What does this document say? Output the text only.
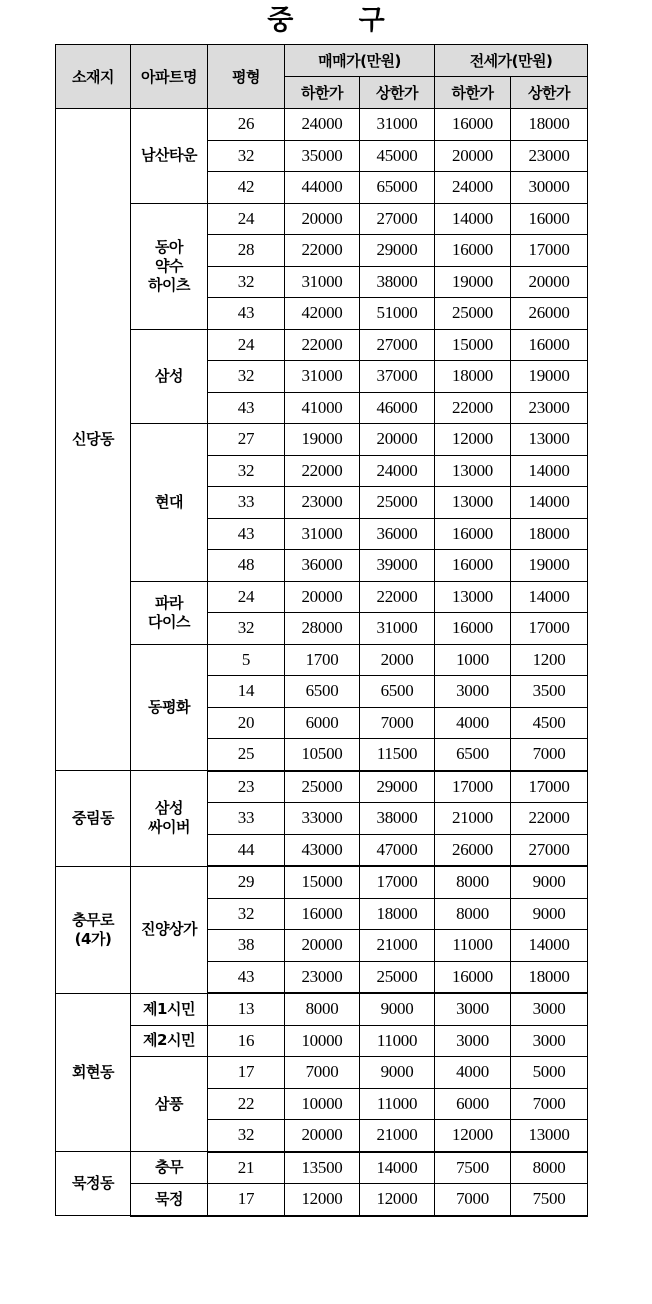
중 구
소재지	아파트명	평형	매매가(만원)		전세가(만원)	
			하한가	상한가	하한가	상한가
신당동	남산타운	26	24000	31000	16000	18000
		32	35000	45000	20000	23000
		42	44000	65000	24000	30000
	동아
약수
하이츠	24	20000	27000	14000	16000
		28	22000	29000	16000	17000
		32	31000	38000	19000	20000
		43	42000	51000	25000	26000
	삼성	24	22000	27000	15000	16000
		32	31000	37000	18000	19000
		43	41000	46000	22000	23000
	현대	27	19000	20000	12000	13000
		32	22000	24000	13000	14000
		33	23000	25000	13000	14000
		43	31000	36000	16000	18000
		48	36000	39000	16000	19000
	파라
다이스	24	20000	22000	13000	14000
		32	28000	31000	16000	17000
	동평화	5	1700	2000	1000	1200
		14	6500	6500	3000	3500
		20	6000	7000	4000	4500
		25	10500	11500	6500	7000
중림동	삼성
싸이버	23	25000	29000	17000	17000
		33	33000	38000	21000	22000
		44	43000	47000	26000	27000
충무로
(4가)	진양상가	29	15000	17000	8000	9000
		32	16000	18000	8000	9000
		38	20000	21000	11000	14000
		43	23000	25000	16000	18000
회현동	제1시민	13	8000	9000	3000	3000
	제2시민	16	10000	11000	3000	3000
	삼풍	17	7000	9000	4000	5000
		22	10000	11000	6000	7000
		32	20000	21000	12000	13000
묵정동	충무	21	13500	14000	7500	8000
	묵정	17	12000	12000	7000	7500
